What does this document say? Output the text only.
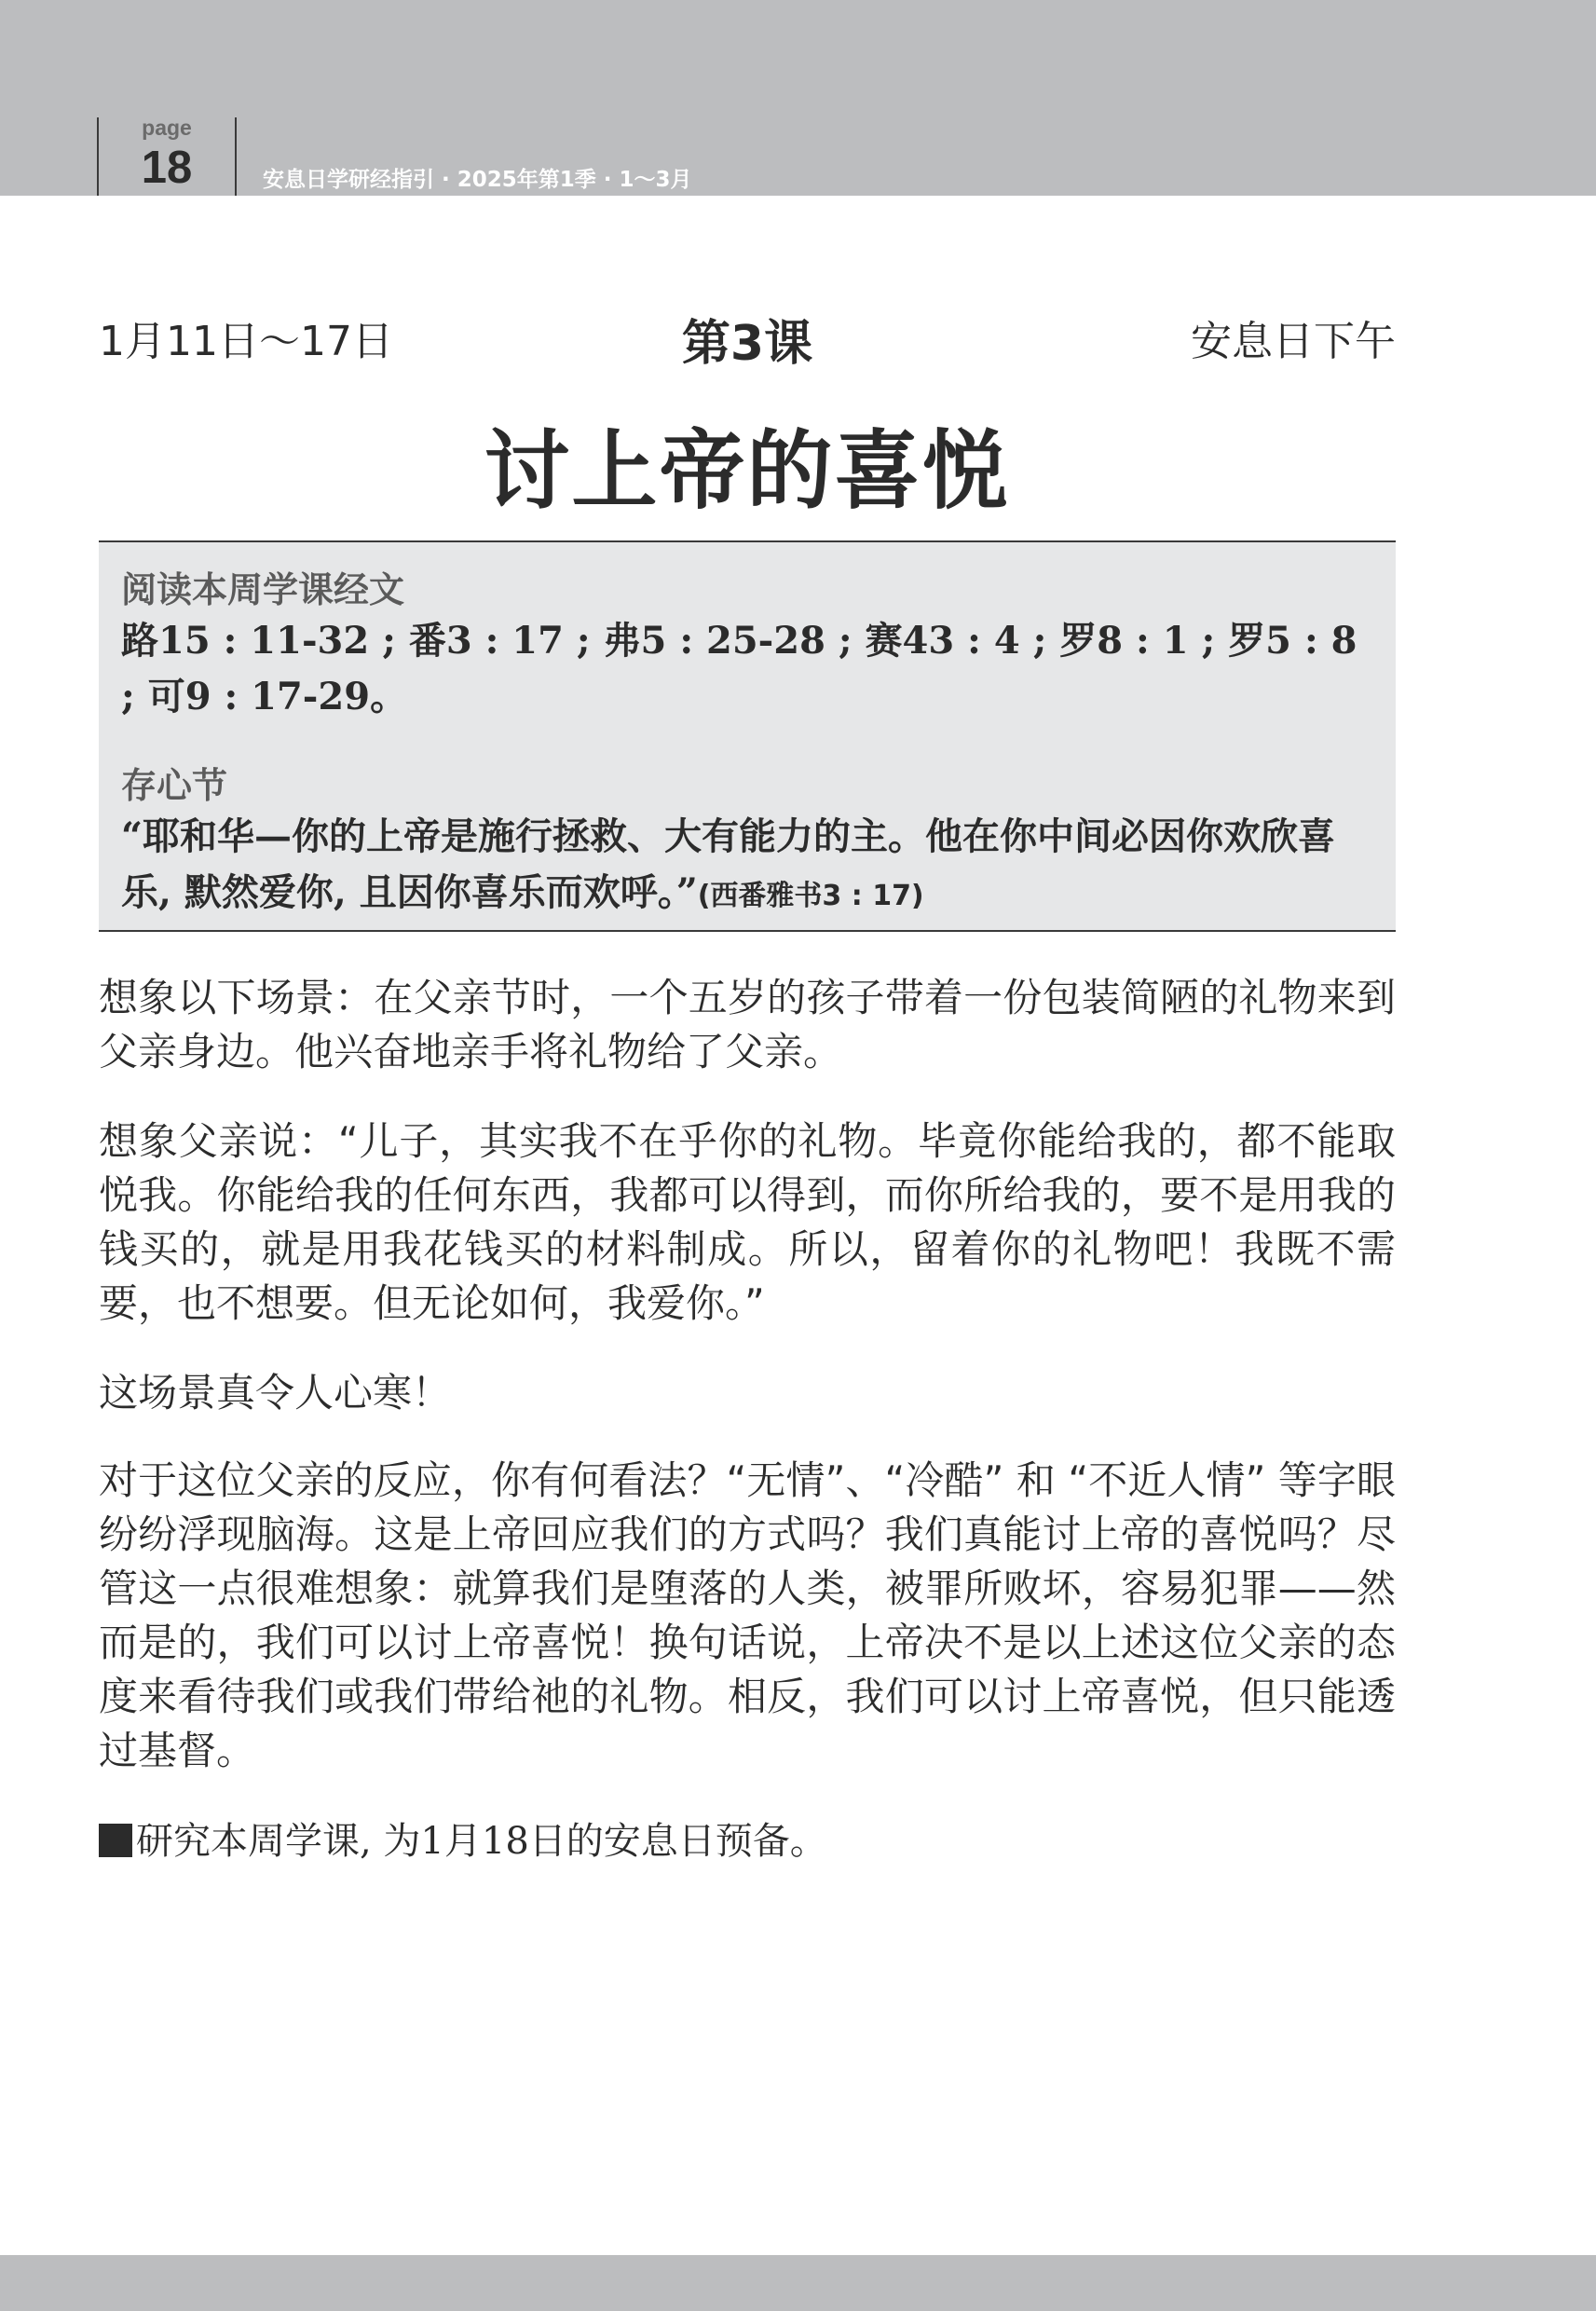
page
18	安息日学研经指引 · 2025年第1季 · 1～3月
1月11日～17日	第3课	安息日下午
讨上帝的喜悦
阅读本周学课经文
路15 : 11-32 ; 番3 : 17 ; 弗5 : 25-28 ; 赛43 : 4 ; 罗8 : 1 ; 罗5 : 8 ; 可9 : 17-29。
存心节
“耶和华—你的上帝是施行拯救、大有能力的主。他在你中间必因你欢欣喜乐, 默然爱你, 且因你喜乐而欢呼。”(西番雅书3 : 17)
想象以下场景：在父亲节时，一个五岁的孩子带着一份包装简陋的礼物来到父亲身边。他兴奋地亲手将礼物给了父亲。
想象父亲说：“儿子，其实我不在乎你的礼物。毕竟你能给我的，都不能取悦我。你能给我的任何东西，我都可以得到，而你所给我的，要不是用我的钱买的，就是用我花钱买的材料制成。所以，留着你的礼物吧！我既不需要，也不想要。但无论如何，我爱你。”
这场景真令人心寒！
对于这位父亲的反应，你有何看法？“无情”、“冷酷” 和 “不近人情” 等字眼纷纷浮现脑海。这是上帝回应我们的方式吗？我们真能讨上帝的喜悦吗？尽管这一点很难想象：就算我们是堕落的人类，被罪所败坏，容易犯罪——然而是的，我们可以讨上帝喜悦！换句话说，上帝决不是以上述这位父亲的态度来看待我们或我们带给祂的礼物。相反，我们可以讨上帝喜悦，但只能透过基督。
研究本周学课, 为1月18日的安息日预备。
